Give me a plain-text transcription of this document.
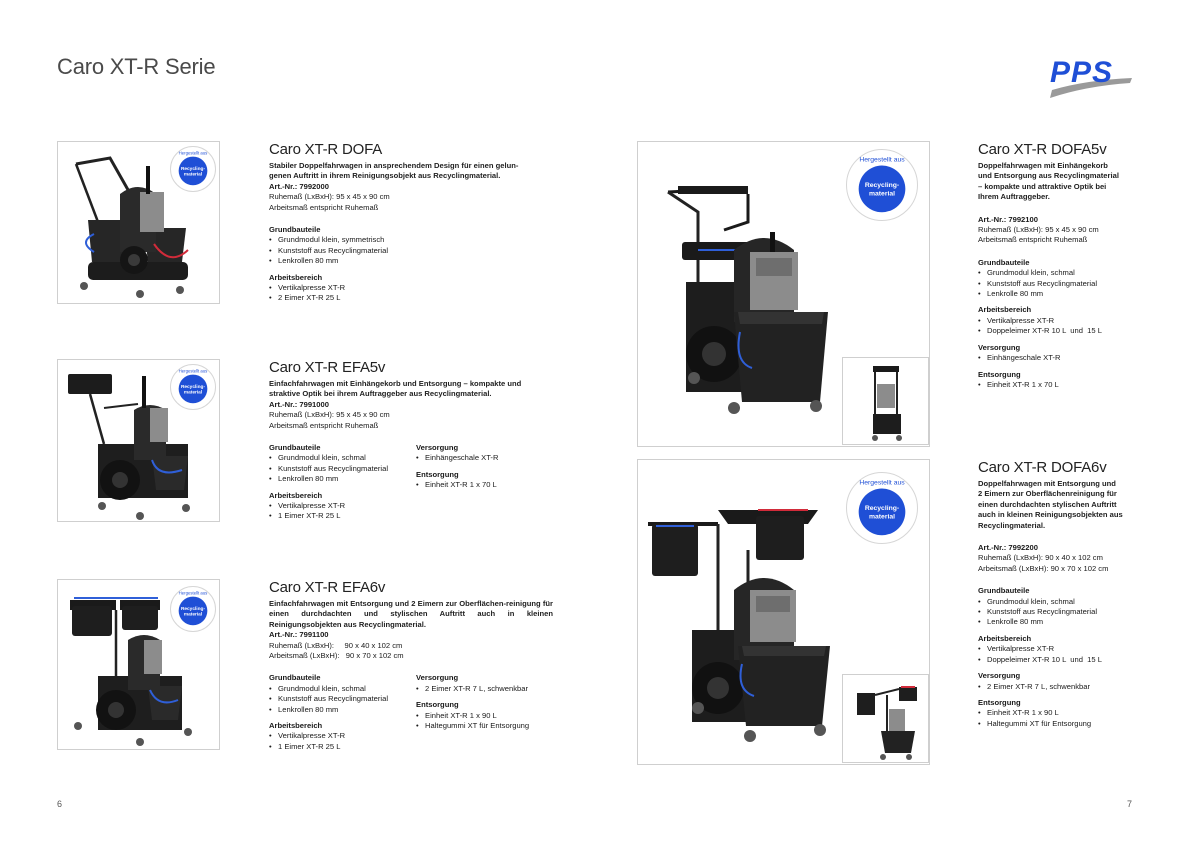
Caro XT-R Serie	PPS
Recycling-
material
Hergestellt aus	Caro XT-R DOFA
Stabiler Doppelfahrwagen in ansprechendem Design für einen gelun-
genen Auftritt in ihrem Reinigungsobjekt aus Recyclingmaterial.
Art.-Nr.: 7992000
Ruhemaß (LxBxH): 95 x 45 x 90 cm
Arbeitsmaß entspricht Ruhemaß
Grundbauteile
• Grundmodul klein, symmetrisch
• Kunststoff aus Recyclingmaterial
• Lenkrollen 80 mm
Arbeitsbereich
• Vertikalpresse XT-R
• 2 Eimer XT-R 25 L
Recycling-
material
Hergestellt aus	Caro XT-R EFA5v
Einfachfahrwagen mit Einhängekorb und Entsorgung – kompakte und
straktive Optik bei ihrem Auftraggeber aus Recyclingmaterial.
Art.-Nr.: 7991000
Ruhemaß (LxBxH): 95 x 45 x 90 cm
Arbeitsmaß entspricht Ruhemaß
Grundbauteile
• Grundmodul klein, schmal
• Kunststoff aus Recyclingmaterial
• Lenkrollen 80 mm
Arbeitsbereich
• Vertikalpresse XT-R
• 1 Eimer XT-R 25 L
Versorgung
• Einhängeschale XT-R
Entsorgung
• Einheit XT-R 1 x 70 L
Recycling-
material
Hergestellt aus	Caro XT-R EFA6v
Einfachfahrwagen mit Entsorgung und 2 Eimern zur Oberflächen-reinigung für einen durchdachten und stylischen Auftritt auch in kleinen Reinigungsobjekten aus Recyclingmaterial.
Art.-Nr.: 7991100
Ruhemaß (LxBxH):     90 x 40 x 102 cm
Arbeitsmaß (LxBxH):   90 x 70 x 102 cm
Grundbauteile
• Grundmodul klein, schmal
• Kunststoff aus Recyclingmaterial
• Lenkrollen 80 mm
Arbeitsbereich
• Vertikalpresse XT-R
• 1 Eimer XT-R 25 L
Versorgung
• 2 Eimer XT-R 7 L, schwenkbar
Entsorgung
• Einheit XT-R 1 x 90 L
• Haltegummi XT für Entsorgung
Recycling-
material
Hergestellt aus
Caro XT-R DOFA5v
Doppelfahrwagen mit Einhängekorb
und Entsorgung aus Recyclingmaterial
– kompakte und attraktive Optik bei
Ihrem Auftraggeber.
Art.-Nr.: 7992100
Ruhemaß (LxBxH): 95 x 45 x 90 cm
Arbeitsmaß entspricht Ruhemaß
Grundbauteile
• Grundmodul klein, schmal
• Kunststoff aus Recyclingmaterial
• Lenkrolle 80 mm
Arbeitsbereich
• Vertikalpresse XT-R
• Doppeleimer XT-R 10 L  und  15 L
Versorgung
• Einhängeschale XT-R
Entsorgung
• Einheit XT-R 1 x 70 L
Recycling-
material
Hergestellt aus
Caro XT-R DOFA6v
Doppelfahrwagen mit Entsorgung und
2 Eimern zur Oberflächenreinigung für
einen durchdachten stylischen Auftritt
auch in kleinen Reinigungsobjekten aus
Recyclingmaterial.
Art.-Nr.: 7992200
Ruhemaß (LxBxH): 90 x 40 x 102 cm
Arbeitsmaß (LxBxH): 90 x 70 x 102 cm
Grundbauteile
• Grundmodul klein, schmal
• Kunststoff aus Recyclingmaterial
• Lenkrolle 80 mm
Arbeitsbereich
• Vertikalpresse XT-R
• Doppeleimer XT-R 10 L  und  15 L
Versorgung
• 2 Eimer XT-R 7 L, schwenkbar
Entsorgung
• Einheit XT-R 1 x 90 L
• Haltegummi XT für Entsorgung
6	7
